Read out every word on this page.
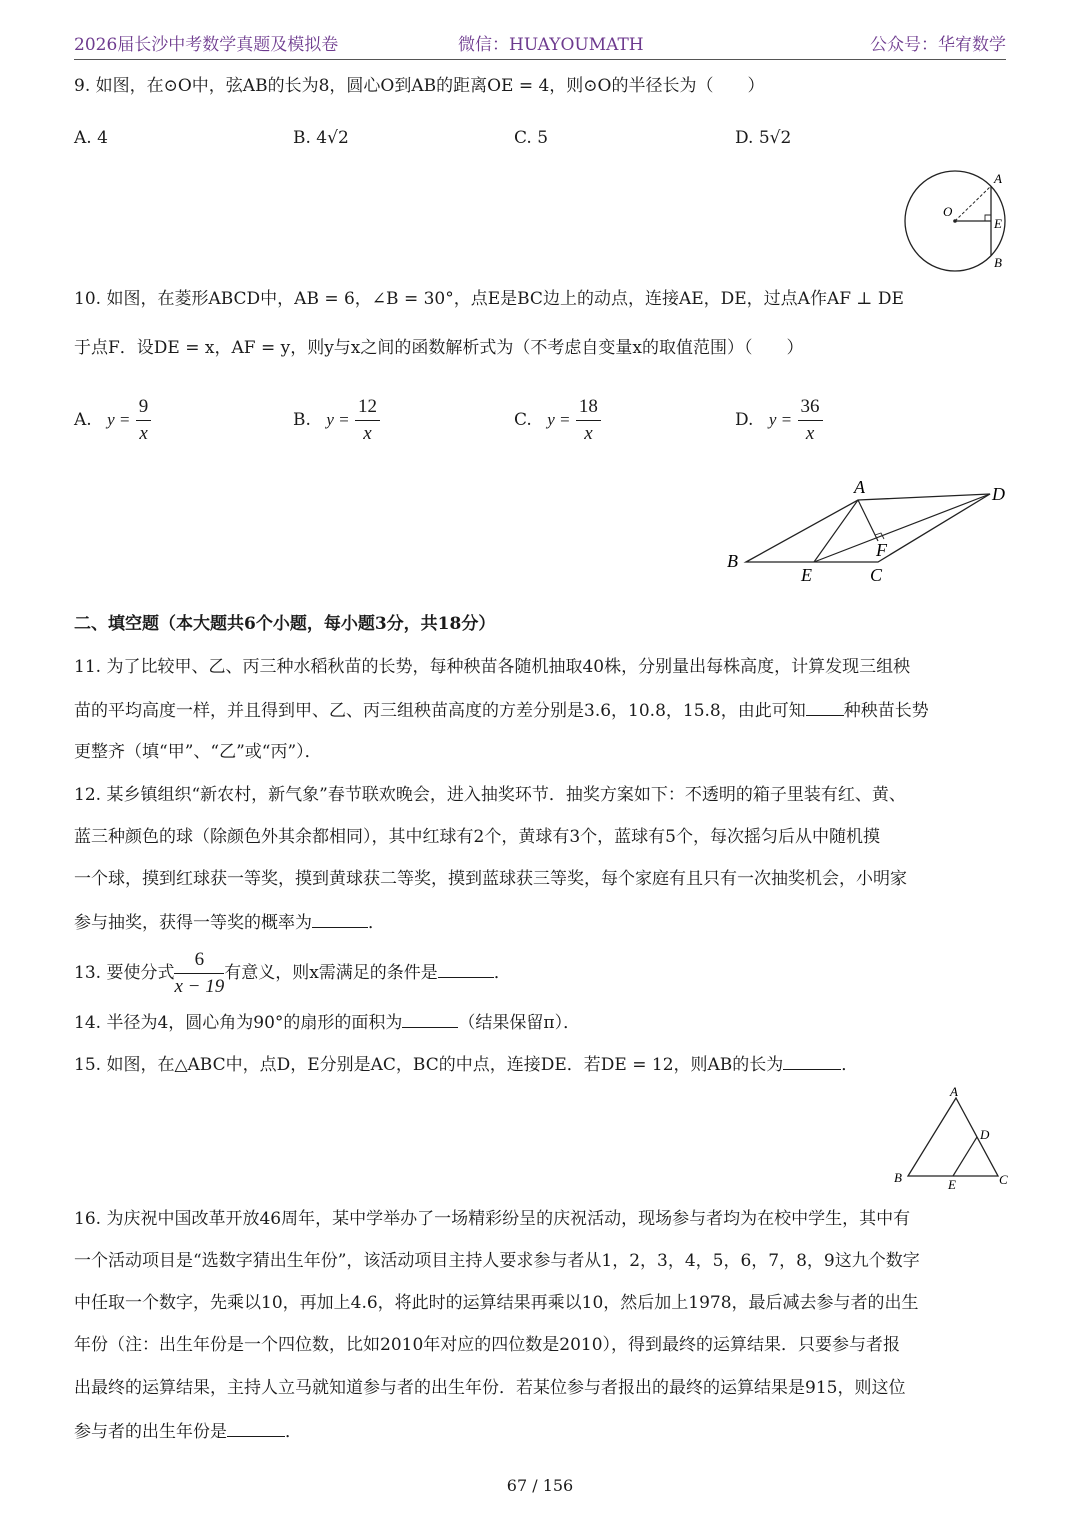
2026届长沙中考数学真题及模拟卷	微信：HUAYOUMATH	公众号：华宥数学
9. 如图，在⊙O中，弦AB的长为8，圆心O到AB的距离OE = 4，则⊙O的半径长为（　　）
A. 4	B. 4√2	C. 5	D. 5√2
A
O
E
B
10. 如图，在菱形ABCD中，AB = 6，∠B = 30°，点E是BC边上的动点，连接AE，DE，过点A作AF ⊥ DE
于点F．设DE = x，AF = y，则y与x之间的函数解析式为（不考虑自变量x的取值范围）（　　）
A. $y = \frac{9}{x}$	B. $y = \frac{12}{x}$	C. $y = \frac{18}{x}$	D. $y = \frac{36}{x}$
A	D
F
B
E	C
二、填空题（本大题共6个小题，每小题3分，共18分）
11. 为了比较甲、乙、丙三种水稻秋苗的长势，每种秧苗各随机抽取40株，分别量出每株高度，计算发现三组秧
苗的平均高度一样，并且得到甲、乙、丙三组秧苗高度的方差分别是3.6，10.8，15.8，由此可知 种秧苗长势
更整齐（填“甲”、“乙”或“丙”）．
12. 某乡镇组织“新农村，新气象”春节联欢晚会，进入抽奖环节．抽奖方案如下：不透明的箱子里装有红、黄、
蓝三种颜色的球（除颜色外其余都相同），其中红球有2个，黄球有3个，蓝球有5个，每次摇匀后从中随机摸
一个球，摸到红球获一等奖，摸到黄球获二等奖，摸到蓝球获三等奖，每个家庭有且只有一次抽奖机会，小明家
参与抽奖，获得一等奖的概率为	．
13. 要使分式 $\frac{6}{x - 19}$ 有意义，则x需满足的条件是	．
14. 半径为4，圆心角为90°的扇形的面积为	（结果保留π）．
15. 如图，在△ABC中，点D，E分别是AC，BC的中点，连接DE．若DE = 12，则AB的长为	．
A
D
B	E	C
16. 为庆祝中国改革开放46周年，某中学举办了一场精彩纷呈的庆祝活动，现场参与者均为在校中学生，其中有
一个活动项目是“选数字猜出生年份”，该活动项目主持人要求参与者从1，2，3，4，5，6，7，8，9这九个数字
中任取一个数字，先乘以10，再加上4.6，将此时的运算结果再乘以10，然后加上1978，最后减去参与者的出生
年份（注：出生年份是一个四位数，比如2010年对应的四位数是2010），得到最终的运算结果．只要参与者报
出最终的运算结果，主持人立马就知道参与者的出生年份．若某位参与者报出的最终的运算结果是915，则这位
参与者的出生年份是	．
67 / 156
